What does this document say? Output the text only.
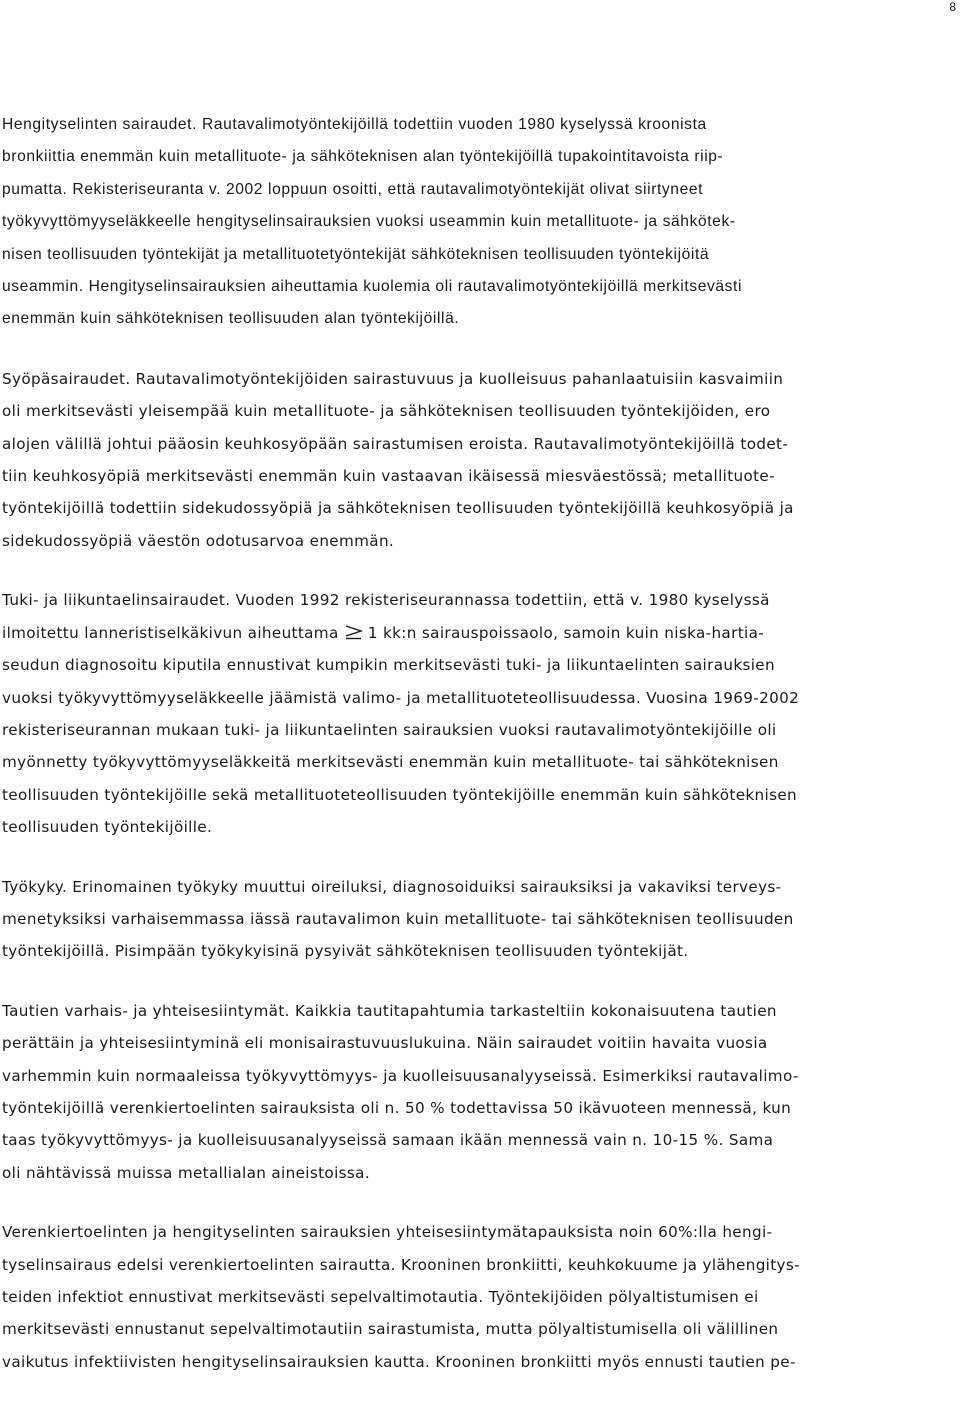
8

Hengityselinten sairaudet. Rautavalimotyöntekijöillä todettiin vuoden 1980 kyselyssä kroonista
bronkiittia enemmän kuin metallituote- ja sähköteknisen alan työntekijöillä tupakointitavoista riip-
pumatta. Rekisteriseuranta v. 2002 loppuun osoitti, että rautavalimotyöntekijät olivat siirtyneet
työkyvyttömyyseläkkeelle hengityselinsairauksien vuoksi useammin kuin metallituote- ja sähkötek-
nisen teollisuuden työntekijät ja metallituotetyöntekijät sähköteknisen teollisuuden työntekijöitä
useammin. Hengityselinsairauksien aiheuttamia kuolemia oli rautavalimotyöntekijöillä merkitsevästi
enemmän kuin sähköteknisen teollisuuden alan työntekijöillä.

Syöpäsairaudet. Rautavalimotyöntekijöiden sairastuvuus ja kuolleisuus pahanlaatuisiin kasvaimiin
oli merkitsevästi yleisempää kuin metallituote- ja sähköteknisen teollisuuden työntekijöiden, ero
alojen välillä johtui pääosin keuhkosyöpään sairastumisen eroista. Rautavalimotyöntekijöillä todet-
tiin keuhkosyöpiä merkitsevästi enemmän kuin vastaavan ikäisessä miesväestössä; metallituote-
työntekijöillä todettiin sidekudossyöpiä ja sähköteknisen teollisuuden työntekijöillä keuhkosyöpiä ja
sidekudossyöpiä väestön odotusarvoa enemmän.

Tuki- ja liikuntaelinsairaudet. Vuoden 1992 rekisteriseurannassa todettiin, että v. 1980 kyselyssä
ilmoitettu lanneristiselkäkivun aiheuttama 1 kk:n sairauspoissaolo, samoin kuin niska-hartia-
seudun diagnosoitu kiputila ennustivat kumpikin merkitsevästi tuki- ja liikuntaelinten sairauksien
vuoksi työkyvyttömyyseläkkeelle jäämistä valimo- ja metallituoteteollisuudessa. Vuosina 1969-2002
rekisteriseurannan mukaan tuki- ja liikuntaelinten sairauksien vuoksi rautavalimotyöntekijöille oli
myönnetty työkyvyttömyyseläkkeitä merkitsevästi enemmän kuin metallituote- tai sähköteknisen
teollisuuden työntekijöille sekä metallituoteteollisuuden työntekijöille enemmän kuin sähköteknisen
teollisuuden työntekijöille.

Työkyky. Erinomainen työkyky muuttui oireiluksi, diagnosoiduiksi sairauksiksi ja vakaviksi terveys-
menetyksiksi varhaisemmassa iässä rautavalimon kuin metallituote- tai sähköteknisen teollisuuden
työntekijöillä. Pisimpään työkykyisinä pysyivät sähköteknisen teollisuuden työntekijät.

Tautien varhais- ja yhteisesiintymät. Kaikkia tautitapahtumia tarkasteltiin kokonaisuutena tautien
perättäin ja yhteisesiintyminä eli monisairastuvuuslukuina. Näin sairaudet voitiin havaita vuosia
varhemmin kuin normaaleissa työkyvyttömyys- ja kuolleisuusanalyyseissä. Esimerkiksi rautavalimo-
työntekijöillä verenkiertoelinten sairauksista oli n. 50 % todettavissa 50 ikävuoteen mennessä, kun
taas työkyvyttömyys- ja kuolleisuusanalyyseissä samaan ikään mennessä vain n. 10-15 %. Sama
oli nähtävissä muissa metallialan aineistoissa.

Verenkiertoelinten ja hengityselinten sairauksien yhteisesiintymätapauksista noin 60%:lla hengi-
tyselinsairaus edelsi verenkiertoelinten sairautta. Krooninen bronkiitti, keuhkokuume ja ylähengitys-
teiden infektiot ennustivat merkitsevästi sepelvaltimotautia. Työntekijöiden pölyaltistumisen ei
merkitsevästi ennustanut sepelvaltimotautiin sairastumista, mutta pölyaltistumisella oli välillinen
vaikutus infektiivisten hengityselinsairauksien kautta. Krooninen bronkiitti myös ennusti tautien pe-
